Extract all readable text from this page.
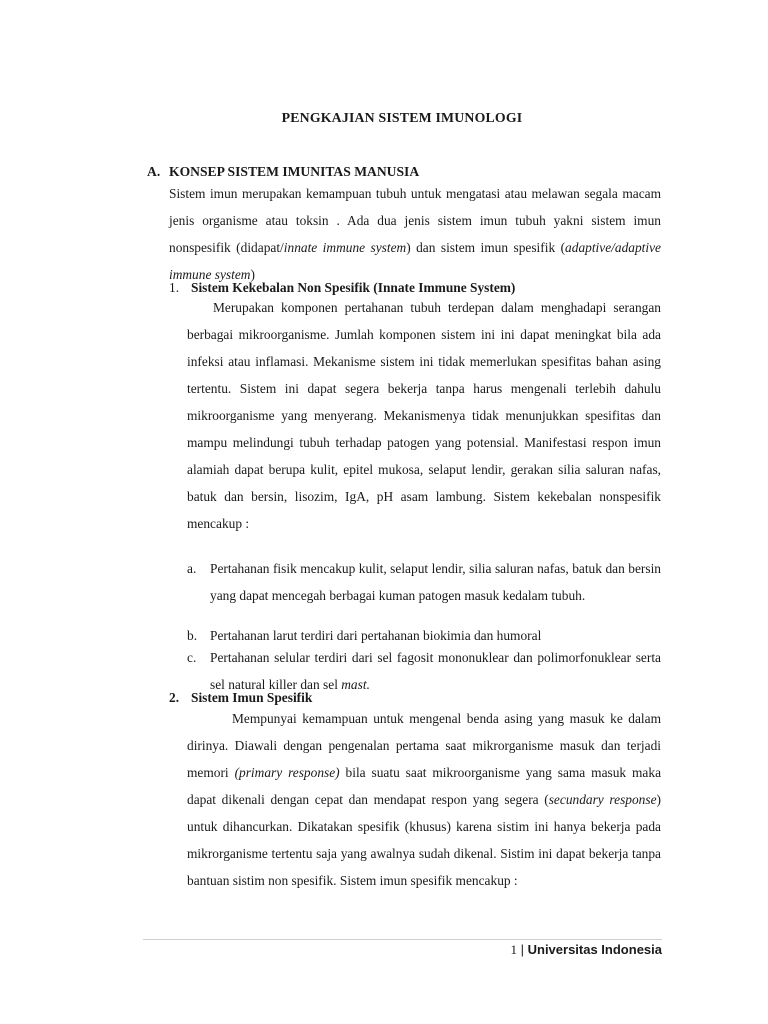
PENGKAJIAN SISTEM IMUNOLOGI
A. KONSEP SISTEM IMUNITAS MANUSIA
Sistem imun merupakan kemampuan tubuh untuk mengatasi atau melawan segala macam jenis organisme atau toksin . Ada dua jenis sistem imun tubuh yakni sistem imun nonspesifik (didapat/innate immune system) dan sistem imun spesifik (adaptive/adaptive immune system)
1. Sistem Kekebalan Non Spesifik (Innate Immune System)
Merupakan komponen pertahanan tubuh terdepan dalam menghadapi serangan berbagai mikroorganisme. Jumlah komponen sistem ini ini dapat meningkat bila ada infeksi atau inflamasi. Mekanisme sistem ini tidak memerlukan spesifitas bahan asing tertentu. Sistem ini dapat segera bekerja tanpa harus mengenali terlebih dahulu mikroorganisme yang menyerang. Mekanismenya tidak menunjukkan spesifitas dan mampu melindungi tubuh terhadap patogen yang potensial. Manifestasi respon imun alamiah dapat berupa kulit, epitel mukosa, selaput lendir, gerakan silia saluran nafas, batuk dan bersin, lisozim, IgA, pH asam lambung. Sistem kekebalan nonspesifik mencakup :
a.	Pertahanan fisik mencakup kulit, selaput lendir, silia saluran nafas, batuk dan bersin yang dapat mencegah berbagai kuman patogen masuk kedalam tubuh.
b. Pertahanan larut terdiri dari pertahanan biokimia dan humoral
c.	Pertahanan selular terdiri dari sel fagosit mononuklear dan polimorfonuklear serta sel natural killer dan sel mast.
2. Sistem Imun Spesifik
Mempunyai kemampuan untuk mengenal benda asing yang masuk ke dalam dirinya. Diawali dengan pengenalan pertama saat mikrorganisme masuk dan terjadi memori (primary response) bila suatu saat mikroorganisme yang sama masuk maka dapat dikenali dengan cepat dan mendapat respon yang segera (secundary response) untuk dihancurkan. Dikatakan spesifik (khusus) karena sistim ini hanya bekerja pada mikrorganisme tertentu saja yang awalnya sudah dikenal. Sistim ini dapat bekerja tanpa bantuan sistim non spesifik. Sistem imun spesifik mencakup :
1 | Universitas Indonesia
